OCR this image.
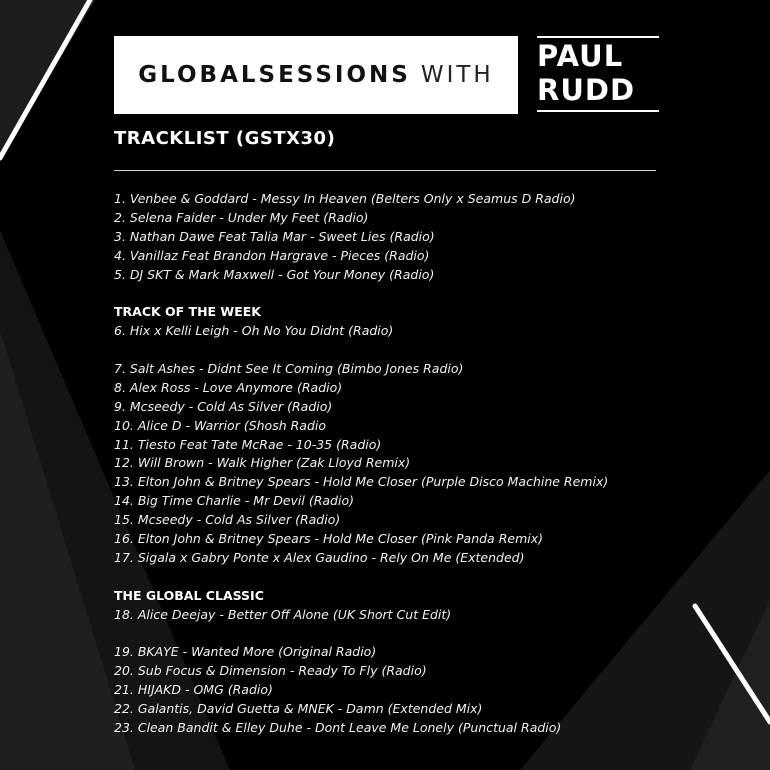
GLOBALSESSIONS WITH
PAUL
RUDD
TRACKLIST (GSTX30)
1. Venbee & Goddard - Messy In Heaven (Belters Only x Seamus D Radio)
2. Selena Faider - Under My Feet (Radio)
3. Nathan Dawe Feat Talia Mar - Sweet Lies (Radio)
4. Vanillaz Feat Brandon Hargrave - Pieces (Radio)
5. DJ SKT & Mark Maxwell - Got Your Money (Radio)
TRACK OF THE WEEK
6. Hix x Kelli Leigh - Oh No You Didnt (Radio)
7. Salt Ashes - Didnt See It Coming (Bimbo Jones Radio)
8. Alex Ross - Love Anymore (Radio)
9. Mcseedy - Cold As Silver (Radio)
10. Alice D - Warrior (Shosh Radio
11. Tiesto Feat Tate McRae - 10-35 (Radio)
12. Will Brown - Walk Higher (Zak Lloyd Remix)
13. Elton John & Britney Spears - Hold Me Closer (Purple Disco Machine Remix)
14. Big Time Charlie - Mr Devil (Radio)
15. Mcseedy - Cold As Silver (Radio)
16. Elton John & Britney Spears - Hold Me Closer (Pink Panda Remix)
17. Sigala x Gabry Ponte x Alex Gaudino - Rely On Me (Extended)
THE GLOBAL CLASSIC
18. Alice Deejay - Better Off Alone (UK Short Cut Edit)
19. BKAYE - Wanted More (Original Radio)
20. Sub Focus & Dimension - Ready To Fly (Radio)
21. HIJAKD - OMG (Radio)
22. Galantis, David Guetta & MNEK - Damn (Extended Mix)
23. Clean Bandit & Elley Duhe - Dont Leave Me Lonely (Punctual Radio)
